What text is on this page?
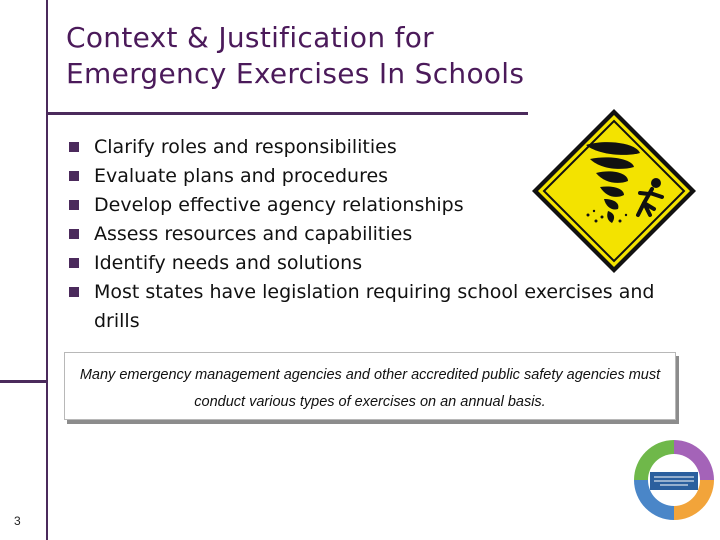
Context & Justification for Emergency Exercises In Schools
Clarify roles and responsibilities
Evaluate plans and procedures
Develop effective agency relationships
Assess resources and capabilities
Identify needs and solutions
Most states have legislation requiring school exercises and drills

Many emergency management agencies and other accredited public safety agencies must conduct various types of exercises on an annual basis.

3
